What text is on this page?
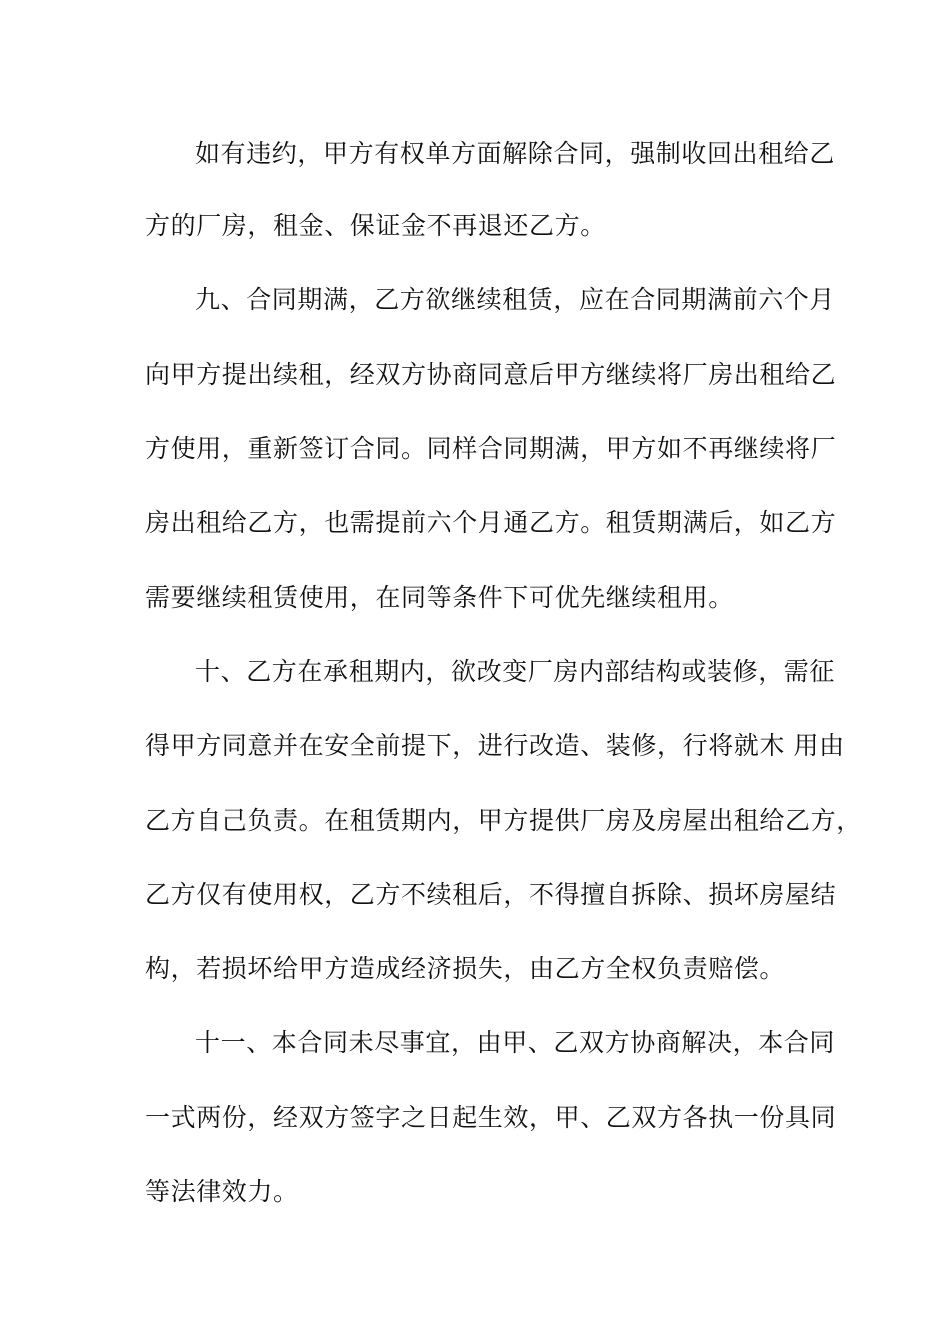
如有违约，甲方有权单方面解除合同，强制收回出租给乙
方的厂房，租金、保证金不再退还乙方。
九、合同期满，乙方欲继续租赁，应在合同期满前六个月
向甲方提出续租，经双方协商同意后甲方继续将厂房出租给乙
方使用，重新签订合同。同样合同期满，甲方如不再继续将厂
房出租给乙方，也需提前六个月通乙方。租赁期满后，如乙方
需要继续租赁使用，在同等条件下可优先继续租用。
十、乙方在承租期内，欲改变厂房内部结构或装修，需征
得甲方同意并在安全前提下，进行改造、装修，行将就木 用由
乙方自己负责。在租赁期内，甲方提供厂房及房屋出租给乙方，
乙方仅有使用权，乙方不续租后，不得擅自拆除、损坏房屋结
构，若损坏给甲方造成经济损失，由乙方全权负责赔偿。
十一、本合同未尽事宜，由甲、乙双方协商解决，本合同
一式两份，经双方签字之日起生效，甲、乙双方各执一份具同
等法律效力。
